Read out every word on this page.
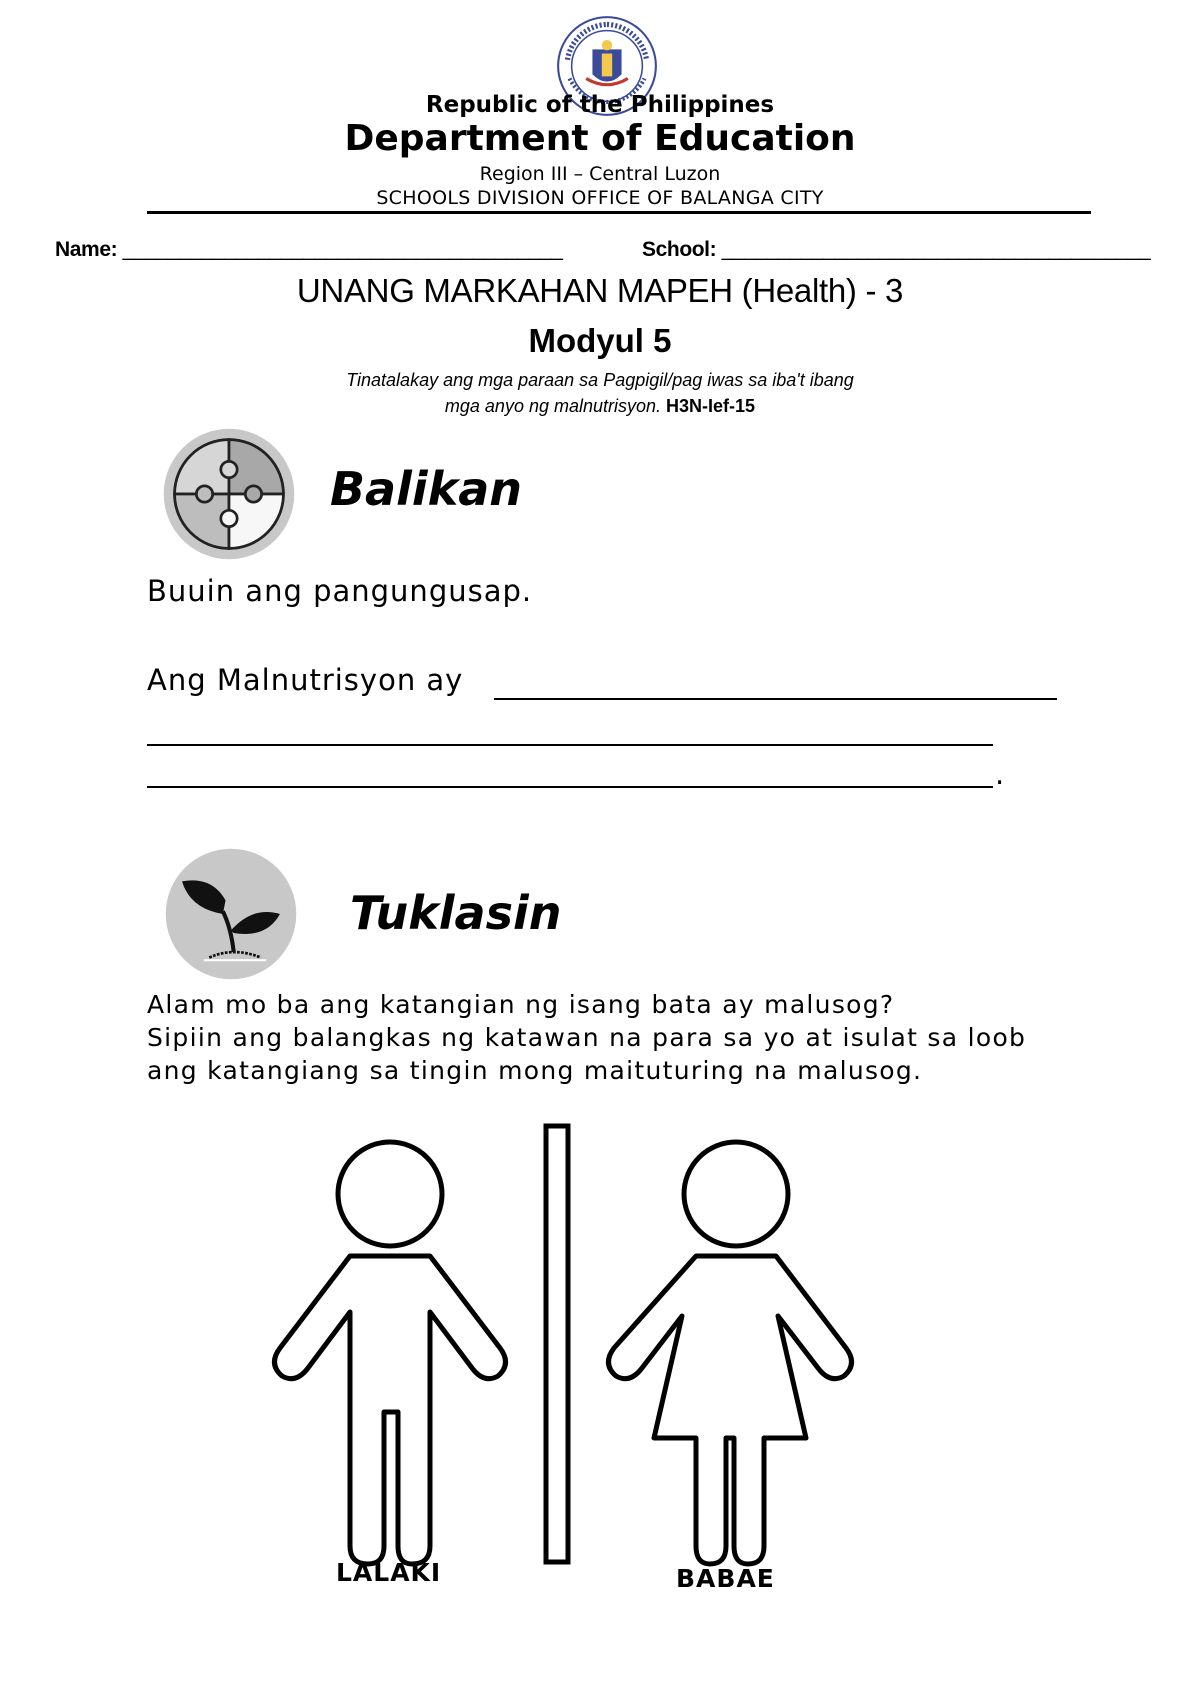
Republic of the Philippines
Department of Education
Region III – Central Luzon
SCHOOLS DIVISION OFFICE OF BALANGA CITY
Name: _______________________________________	School: ______________________________________
UNANG MARKAHAN MAPEH (Health) - 3
Modyul 5
Tinatalakay ang mga paraan sa Pagpigil/pag iwas sa iba't ibang
mga anyo ng malnutrisyon. H3N-Ief-15
Balikan
Buuin ang pangungusap.
Ang Malnutrisyon ay
.
Tuklasin
Alam mo ba ang katangian ng isang bata ay malusog?
Sipiin ang balangkas ng katawan na para sa yo at isulat sa loob
ang katangiang sa tingin mong maituturing na malusog.
LALAKI	BABAE
